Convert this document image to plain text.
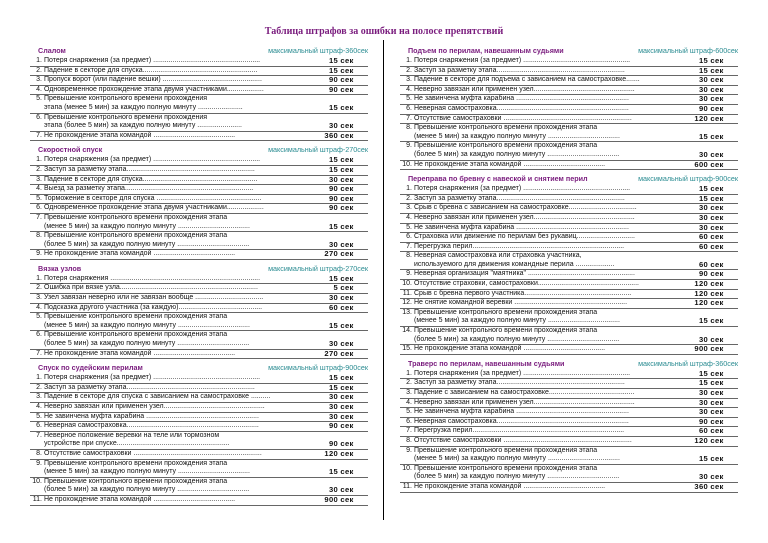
Таблица штрафов за ошибки на полосе препятствий
Слалом	максимальный штраф-360сек
1. Потеря снаряжения (за предмет) .......................................................	15 сек
2. Падение в секторе для спуска...........................................................	15 сек
3. Пропуск ворот (или падение вешки) ...................................................	90 сек
4. Одновременное прохождение этапа двумя участниками...................	90 сек
5. Превышение контрольного времени прохождения
этапа (менее 5 мин) за каждую полную минуту .......................	15 сек
6. Превышение контрольного времени прохождения
этапа (более 5 мин) за каждую полную минуту .......................	30 сек
7. Не прохождение этапа командой ..........................................	360 сек
Скоростной спуск	максимальный штраф-270сек
1. Потеря снаряжения (за предмет) .......................................................	15 сек
2. Заступ за разметку этапа..................................................................	15 сек
3. Падение в секторе для спуска...........................................................	30 сек
4. Выезд за разметку этапа..................................................................	90 сек
5. Торможение в секторе для спуска ......................................................	90 сек
6. Одновременное прохождение этапа двумя участниками...................	90 сек
7. Превышение контрольного времени прохождения этапа
(менее 5 мин) за каждую полную минуту .....................................	15 сек
8. Превышение контрольного времени прохождения этапа
(более 5 мин) за каждую полную минуту .....................................	30 сек
9. Не прохождение этапа командой ..........................................	270 сек
Вязка узлов	максимальный штраф-270сек
1. Потеря снаряжения .............................................................................	15 сек
2. Ошибка при вязке узла.......................................................................	5 сек
3. Узел завязан неверно или не завязан вообще ...................................	30 сек
4. Подсказка другого участника (за каждую)...........................................	60 сек
5. Превышение контрольного времени прохождения этапа
(менее 5 мин) за каждую полную минуту .....................................	15 сек
6. Превышение контрольного времени прохождения этапа
(более 5 мин) за каждую полную минуту .....................................	30 сек
7. Не прохождение этапа командой ..........................................	270 сек
Спуск по судейским перилам	максимальный штраф-900сек
1. Потеря снаряжения (за предмет) .......................................................	15 сек
2. Заступ за разметку этапа..................................................................	15 сек
3. Падение в секторе для спуска с зависанием на самостраховке ..........	30 сек
4. Неверно завязан или применен узел....................................................	30 сек
5. Не завинчена муфта карабина ..........................................................	30 сек
6. Неверная самостраховка....................................................................	90 сек
7. Неверное положение веревки на теле или тормозном
устройстве при спуске..........................................................	90 сек
8. Отсутствие самостраховки ..................................................................	120 сек
9. Превышение контрольного времени прохождения этапа
(менее 5 мин) за каждую полную минуту .....................................	15 сек
10. Превышение контрольного времени прохождения этапа
(более 5 мин) за каждую полную минуту .....................................	30 сек
11. Не прохождение этапа командой ..........................................	900 сек
Подъем по перилам, навешанным судьями	максимальный штраф-600сек
1. Потеря снаряжения (за предмет) .......................................................	15 сек
2. Заступ за разметку этапа..................................................................	15 сек
3. Падение в секторе для подъема с зависанием на самостраховке.......	30 сек
4. Неверно завязан или применен узел....................................................	30 сек
5. Не завинчена муфта карабина ..........................................................	30 сек
6. Неверная самостраховка....................................................................	90 сек
7. Отсутствие самостраховки ..................................................................	120 сек
8. Превышение контрольного времени прохождения этапа
(менее 5 мин) за каждую полную минуту .....................................	15 сек
9. Превышение контрольного времени прохождения этапа
(более 5 мин) за каждую полную минуту .....................................	30 сек
10. Не прохождение этапа командой ..........................................	600 сек
Переправа по бревну с навеской и снятием перил	максимальный штраф-900сек
1. Потеря снаряжения (за предмет) .......................................................	15 сек
2. Заступ за разметку этапа..................................................................	15 сек
3. Срыв с бревна с зависанием на самостраховке...................................	30 сек
4. Неверно завязан или применен узел....................................................	30 сек
5. Не завинчена муфта карабина ..........................................................	30 сек
6. Страховка или движение по перилам без рукавиц..............................	60 сек
7. Перегрузка перил..............................................................................	60 сек
8. Неверная самостраховка или страховка участника,
используемого для движения командные перила ....................	60 сек
9. Неверная организация "маятника" .......................................................	90 сек
10. Отсутствие страховки, самостраховки....................................................	120 сек
11. Срыв с бревна первого участника.......................................................	120 сек
12. Не снятие командной веревки ..........................................................	120 сек
13. Превышение контрольного времени прохождения этапа
(менее 5 мин) за каждую полную минуту .....................................	15 сек
14. Превышение контрольного времени прохождения этапа
(более 5 мин) за каждую полную минуту .....................................	30 сек
15. Не прохождение этапа командой ..........................................	900 сек
Траверс по перилам, навешанным судьями	максимальный штраф-360сек
1. Потеря снаряжения (за предмет) .......................................................	15 сек
2. Заступ за разметку этапа..................................................................	15 сек
3. Падение с зависанием на самостраховке............................................	30 сек
4. Неверно завязан или применен узел....................................................	30 сек
5. Не завинчена муфта карабина ..........................................................	30 сек
6. Неверная самостраховка....................................................................	90 сек
7. Перегрузка перил..............................................................................	60 сек
8. Отсутствие самостраховки ..................................................................	120 сек
9. Превышение контрольного времени прохождения этапа
(менее 5 мин) за каждую полную минуту .....................................	15 сек
10. Превышение контрольного времени прохождения этапа
(более 5 мин) за каждую полную минуту .....................................	30 сек
11. Не прохождение этапа командой ..........................................	360 сек
